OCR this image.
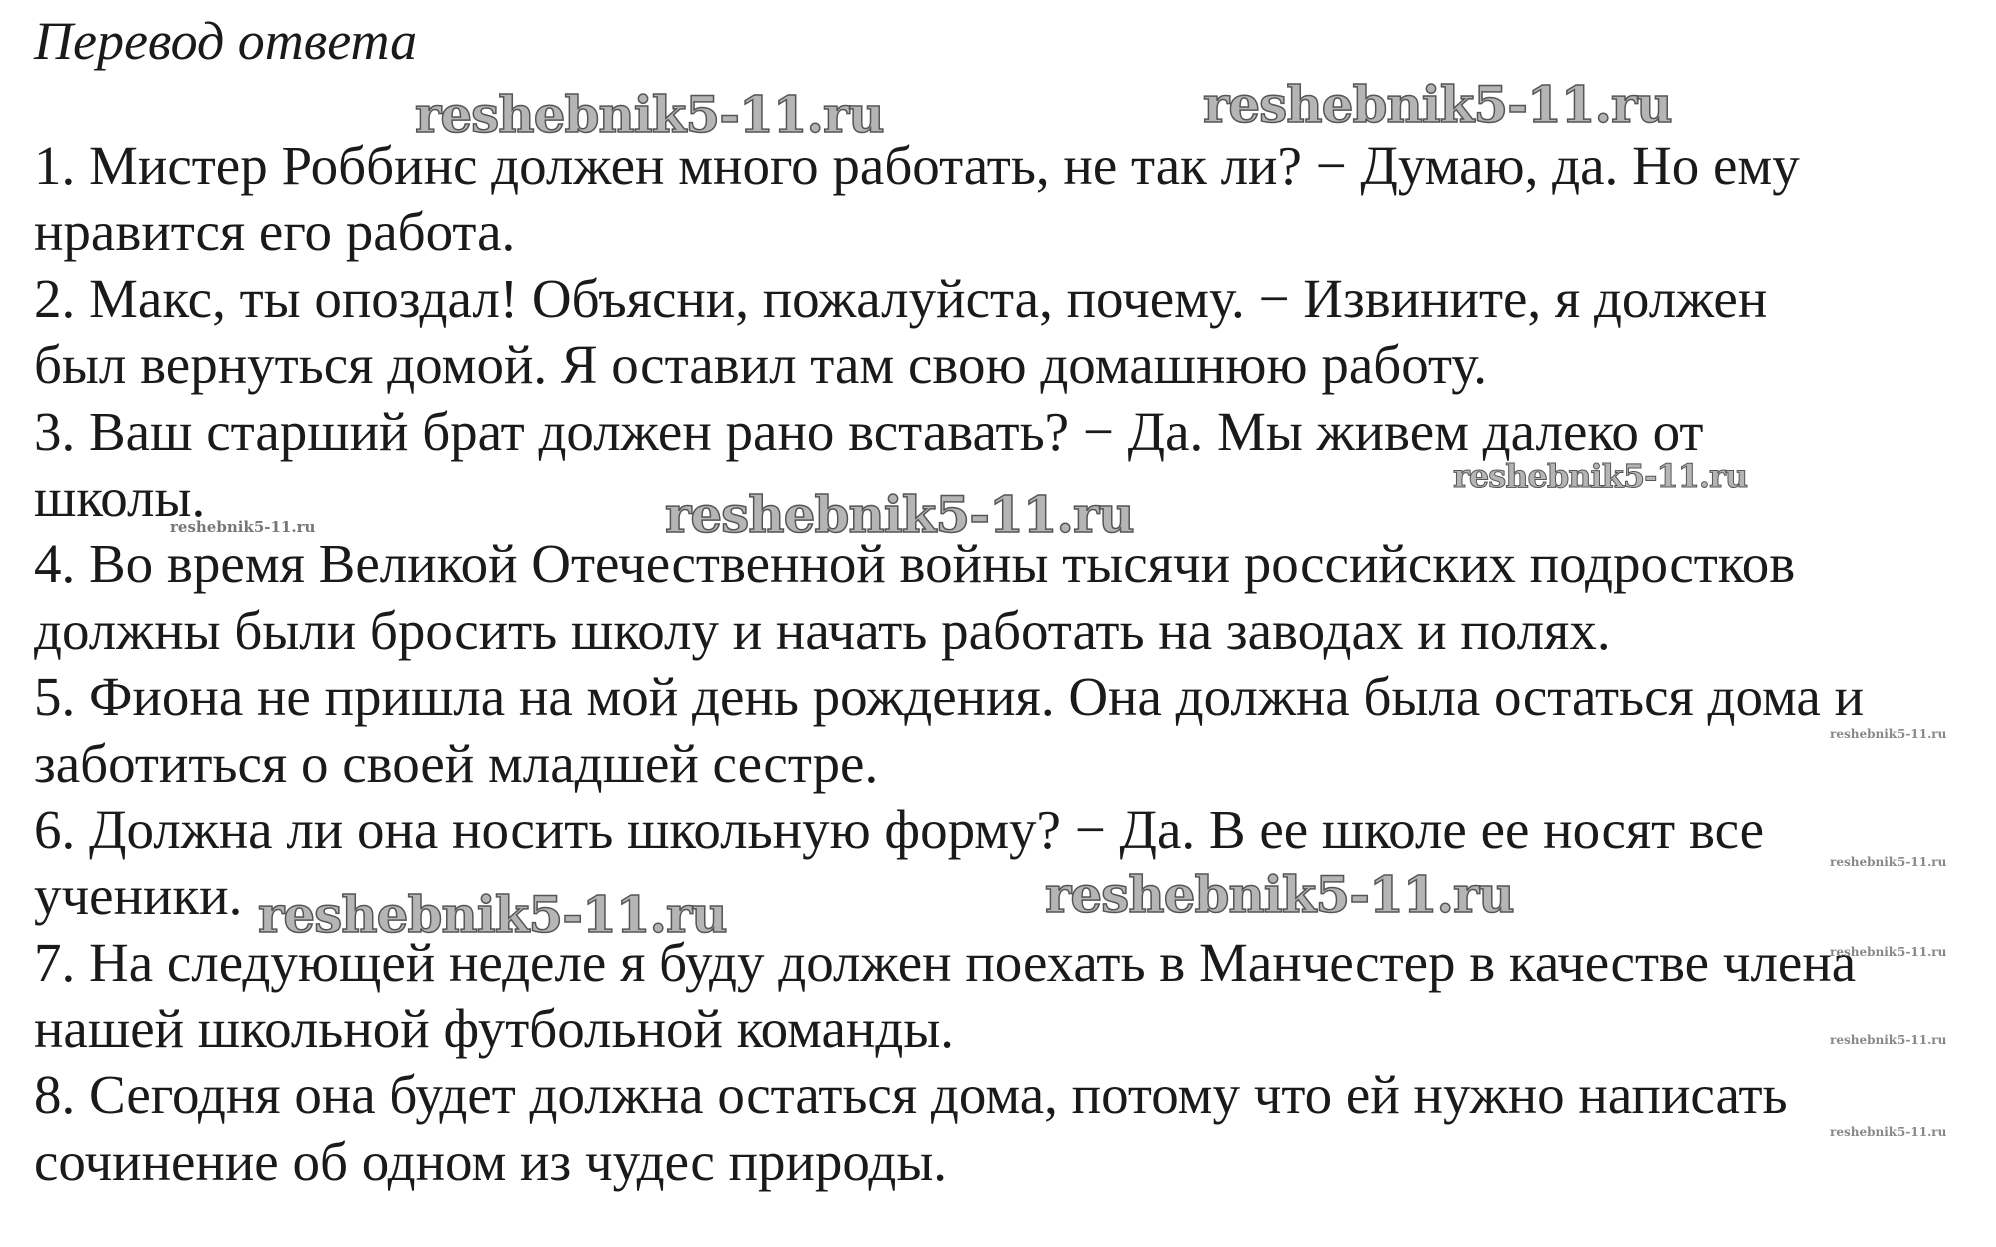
Перевод ответа
1. Мистер Роббинс должен много работать, не так ли? − Думаю, да. Но ему
нравится его работа.
2. Макс, ты опоздал! Объясни, пожалуйста, почему. − Извините, я должен
был вернуться домой. Я оставил там свою домашнюю работу.
3. Ваш старший брат должен рано вставать? − Да. Мы живем далеко от
школы.
4. Во время Великой Отечественной войны тысячи российских подростков
должны были бросить школу и начать работать на заводах и полях.
5. Фиона не пришла на мой день рождения. Она должна была остаться дома и
заботиться о своей младшей сестре.
6. Должна ли она носить школьную форму? − Да. В ее школе ее носят все
ученики.
7. На следующей неделе я буду должен поехать в Манчестер в качестве члена
нашей школьной футбольной команды.
8. Сегодня она будет должна остаться дома, потому что ей нужно написать
сочинение об одном из чудес природы.
reshebnik5-11.ru	reshebnik5-11.ru
reshebnik5-11.ru
reshebnik5-11.ru	reshebnik5-11.ru
reshebnik5-11.ru
reshebnik5-11.ru
reshebnik5-11.ru
reshebnik5-11.ru
reshebnik5-11.ru
reshebnik5-11.ru
reshebnik5-11.ru
